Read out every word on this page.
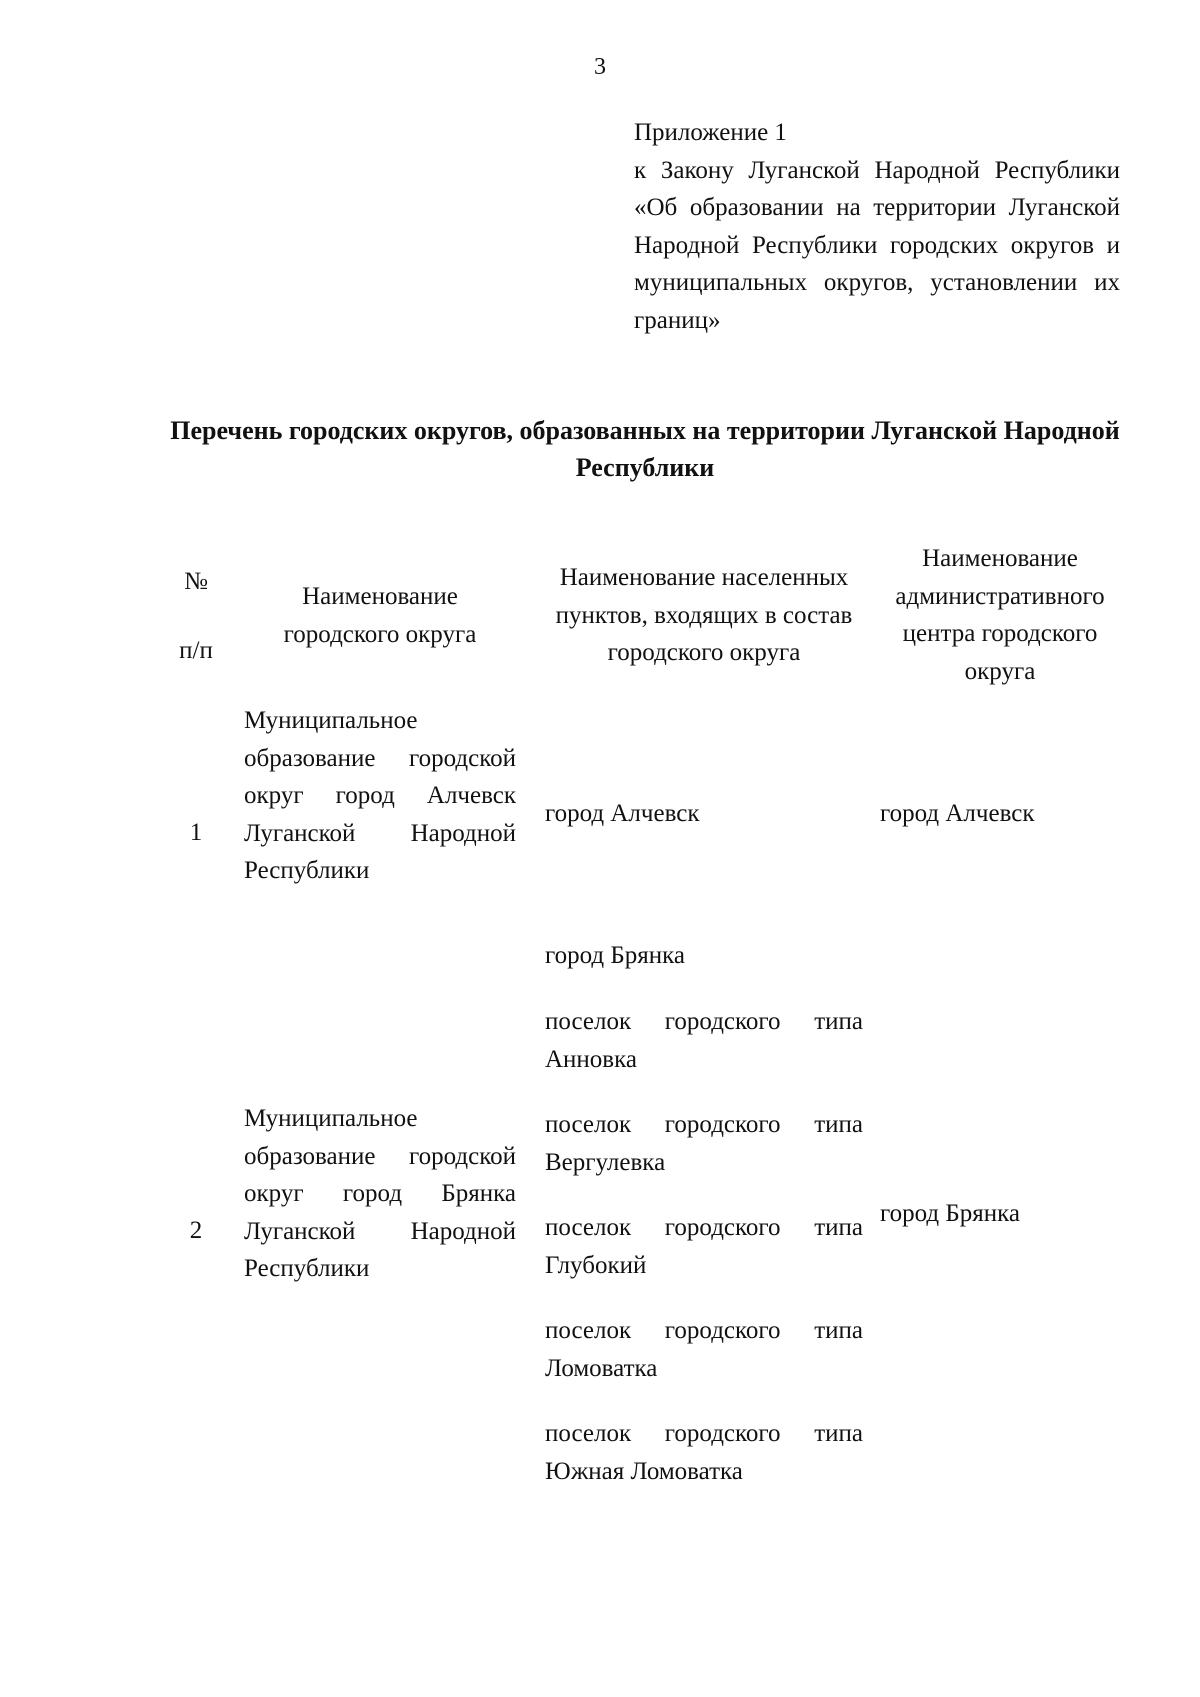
3
Приложение 1
к Закону Луганской Народной Республики «Об образовании на территории Луганской Народной Республики городских округов и муниципальных округов, установлении их границ»
Перечень городских округов, образованных на территории Луганской Народной Республики
№
п/п
Наименование городского округа
Наименование населенных пунктов, входящих в состав городского округа
Наименование административного центра городского округа
1
Муниципальное образование городской округ город Алчевск Луганской Народной Республики
город Алчевск	город Алчевск
2
Муниципальное образование городской округ город Брянка Луганской Народной Республики
город Брянка
поселок городского типа Анновка
поселок городского типа Вергулевка
поселок городского типа Глубокий
поселок городского типа Ломоватка
поселок городского типа Южная Ломоватка
город Брянка
